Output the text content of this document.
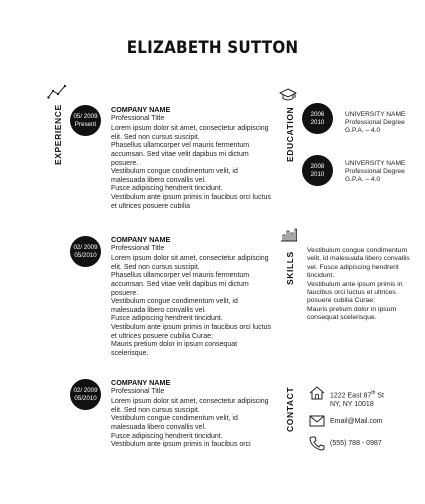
ELIZABETH SUTTON
EXPERIENCE 05/ 2009
Present
COMPANY NAME
Professional Title

Lorem ipsum dolor sit amet, consectetur adipiscing elit. Sed non cursus suscipit.

Phasellus ullamcorper vel mauris fermentum accumsan. Sed vitae velit dapibus mi dictum posuere.

Vestibulum congue condimentum velit, id malesuada libero convallis vel.

Fusce adipiscing hendrerit tincidunt.

Vestibulum ante ipsum primis in faucibus orci luctus et ultrices posuere cubilia

02/ 2009
05/2010
COMPANY NAME
Professional Title

Lorem ipsum dolor sit amet, consectetur adipiscing elit. Sed non cursus suscipit.

Phasellus ullamcorper vel mauris fermentum accumsan. Sed vitae velit dapibus mi dictum posuere.

Vestibulum congue condimentum velit, id malesuada libero convallis vel.

Fusce adipiscing hendrerit tincidunt.

Vestibulum ante ipsum primis in faucibus orci luctus et ultrices posuere cubilia Curae;

Mauris pretium dolor in ipsum consequat scelerisque.

02/ 2009
05/2010
COMPANY NAME
Professional Title

Lorem ipsum dolor sit amet, consectetur adipiscing elit. Sed non cursus suscipit.

Vestibulum congue condimentum velit, id malesuada libero convallis vel.

Fusce adipiscing hendrerit tincidunt.

Vestibulum ante ipsum primis in faucibus orci

EDUCATION	2006
2010
UNIVERSITY NAME
Professional Degree
G.P.A. – 4.0
2008
2010
UNIVERSITY NAME
Professional Degree
G.P.A. – 4.0
SKILLS

Vestibulum congue condimentum velit, id malesuada libero convallis vel. Fusce adipiscing hendrerit tincidunt.

Vestibulum ante ipsum primis in faucibus orci luctus et ultrices posuere cubilia Curae;

Mauris pretium dolor in ipsum consequat scelerisque.

CONTACT	1222 East 87th St
NY, NY 10018
Email@Mail.com
(555) 788 - 0987
